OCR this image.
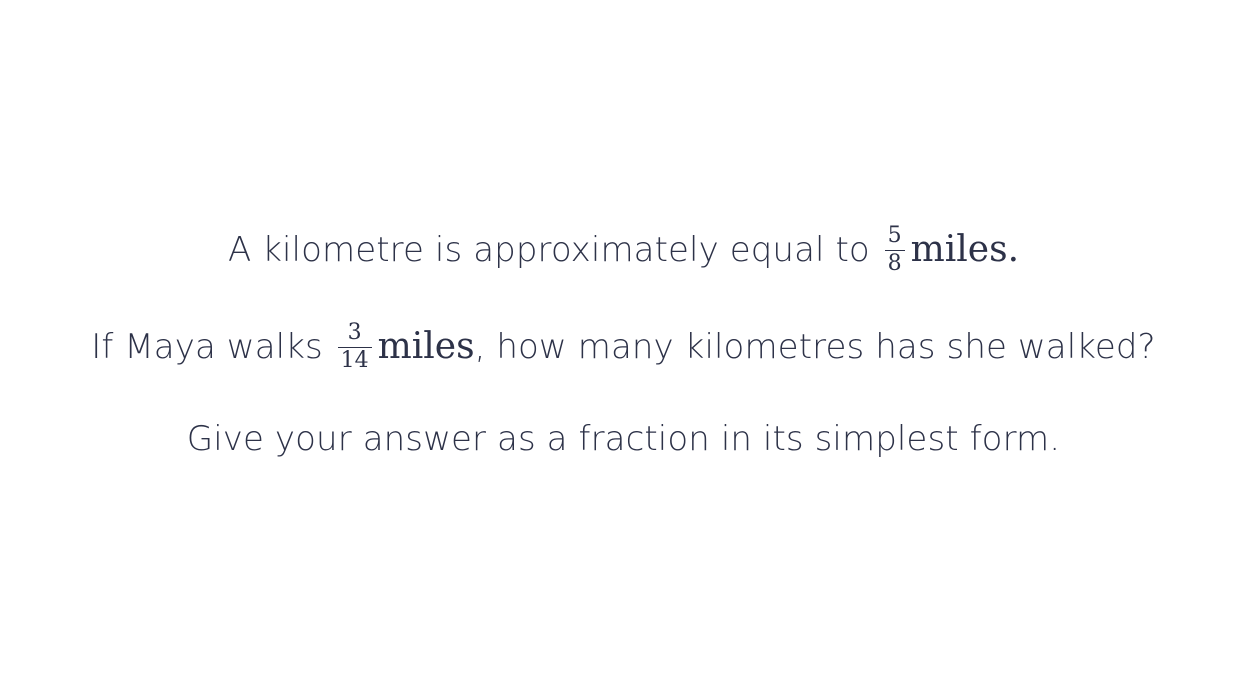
A kilometre is approximately equal to $\frac{5}{8}$ miles.
If Maya walks $\frac{3}{14}$ miles, how many kilometres has she walked?
Give your answer as a fraction in its simplest form.
